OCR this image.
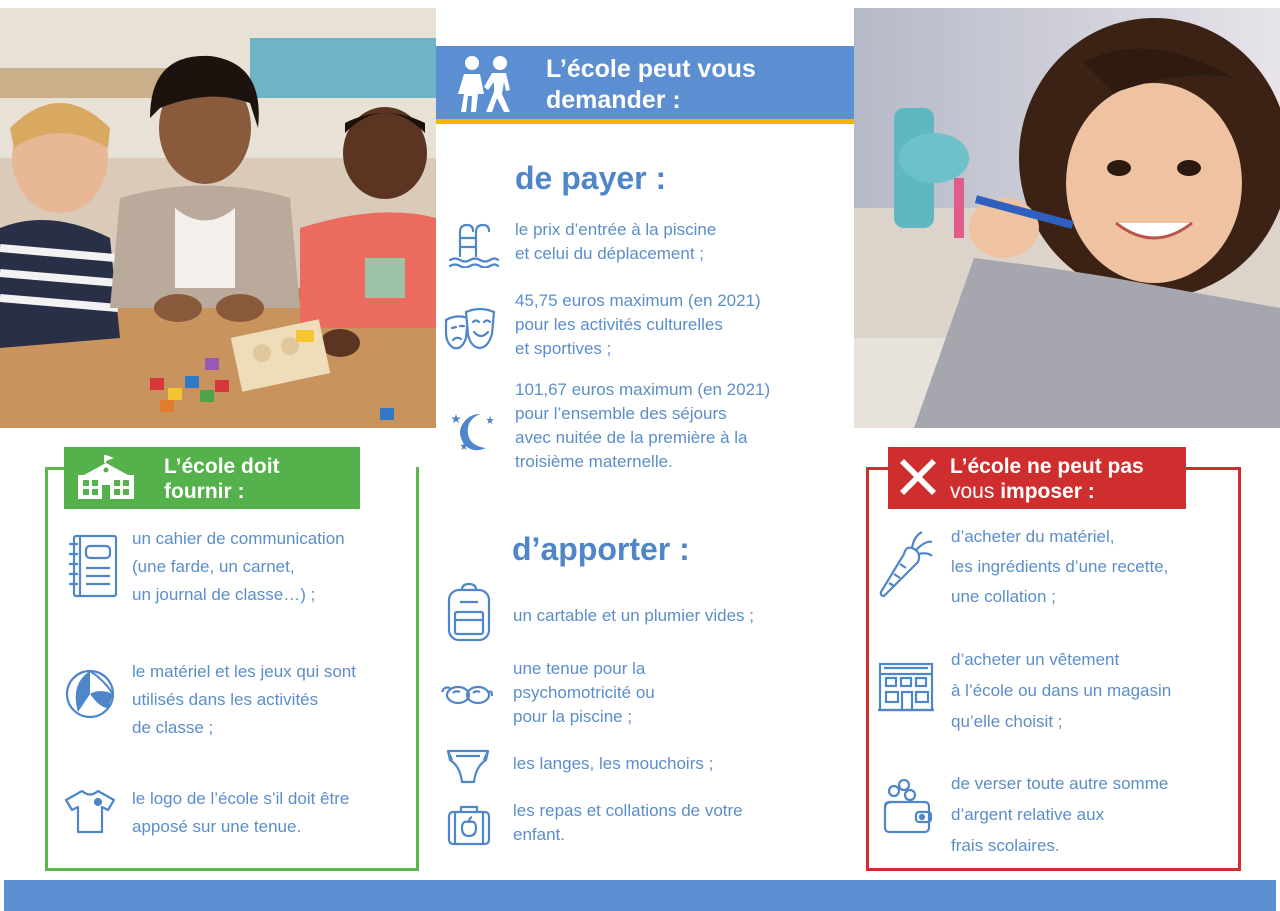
L’école peut vous
demander :
de payer :
le prix d’entrée à la piscine
et celui du déplacement ;
45,75 euros maximum (en 2021)
pour les activités culturelles
et sportives ;
101,67 euros maximum (en 2021)
pour l’ensemble des séjours
avec nuitée de la première à la
troisième maternelle.
d’apporter :
un cartable et un plumier vides ;
une tenue pour la
psychomotricité ou
pour la piscine ;
les langes, les mouchoirs ;
les repas et collations de votre
enfant.
L’école doit
fournir :
un cahier de communication
(une farde, un carnet,
un journal de classe…) ;
le matériel et les jeux qui sont
utilisés dans les activités
de classe ;
le logo de l’école s’il doit être
apposé sur une tenue.
L’école ne peut pas
vous imposer :
d’acheter du matériel,
les ingrédients d’une recette,
une collation ;
d’acheter un vêtement
à l’école ou dans un magasin
qu’elle choisit ;
de verser toute autre somme
d’argent relative aux
frais scolaires.
